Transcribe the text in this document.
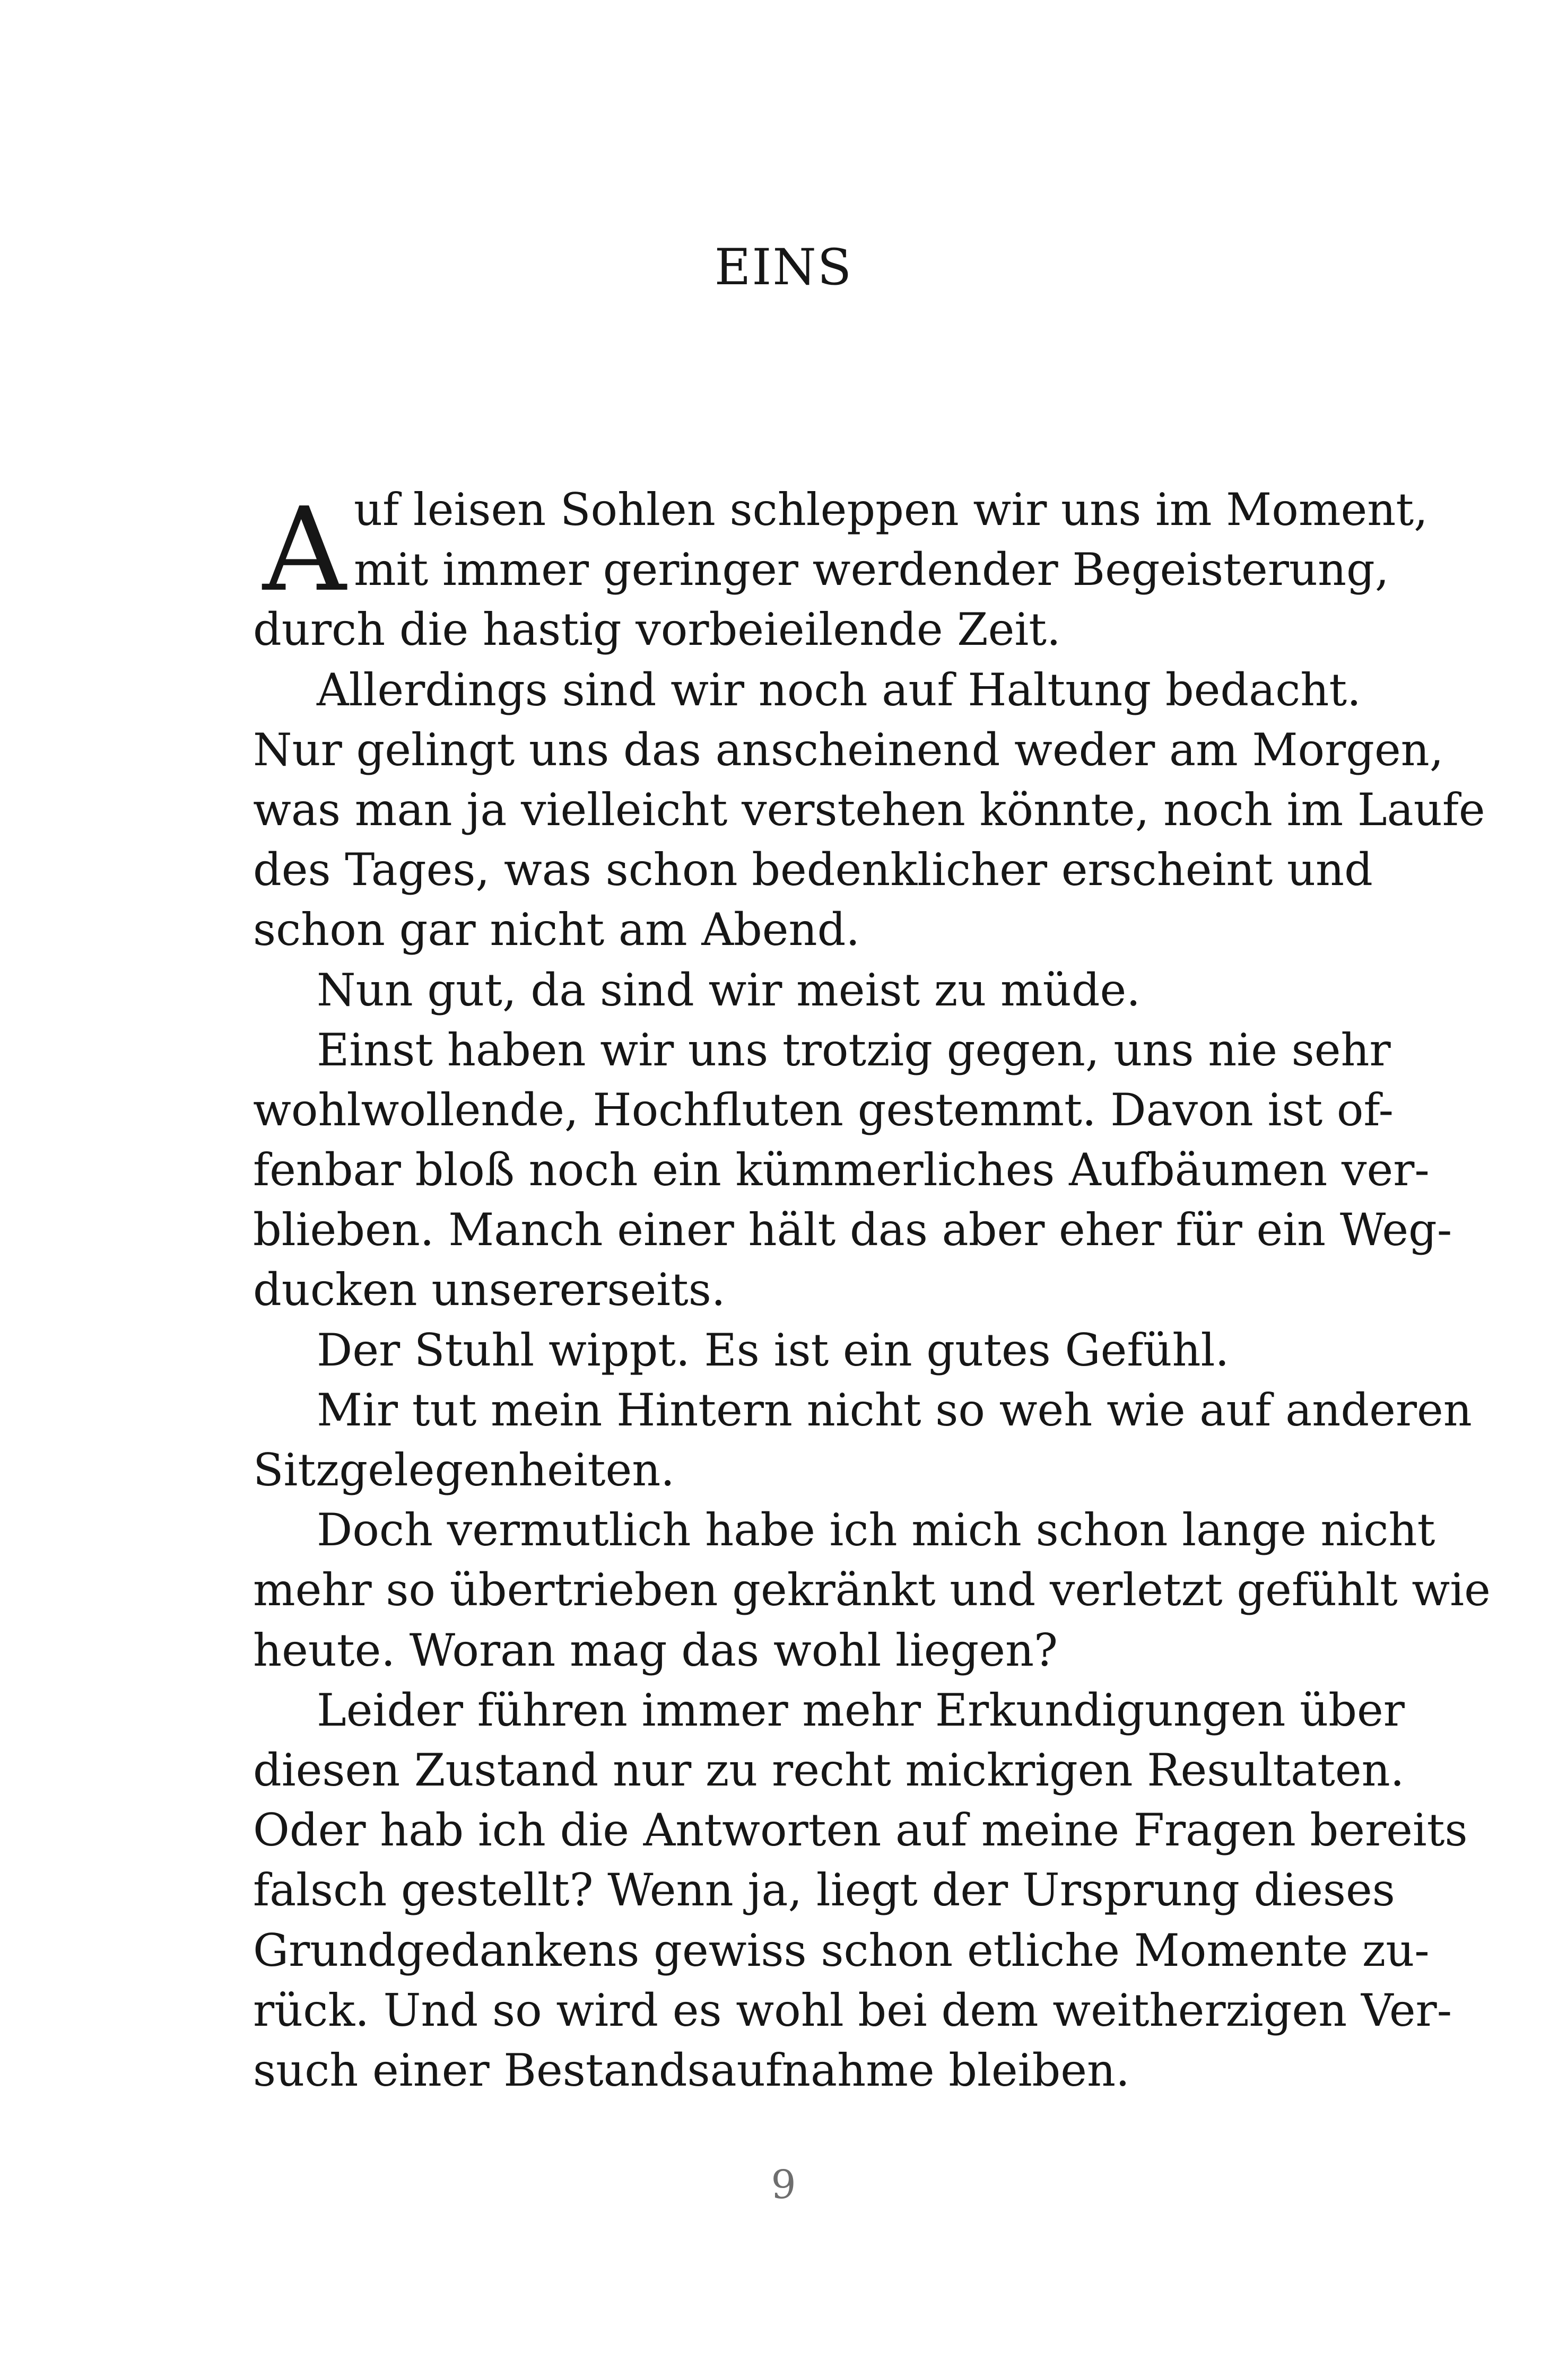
EINS
A uf leisen Sohlen schleppen wir uns im Moment,
mit immer geringer werdender Begeisterung,
durch die hastig vorbeieilende Zeit.
Allerdings sind wir noch auf Haltung bedacht.
Nur gelingt uns das anscheinend weder am Morgen,
was man ja vielleicht verstehen könnte, noch im Laufe
des Tages, was schon bedenklicher erscheint und
schon gar nicht am Abend.
Nun gut, da sind wir meist zu müde.
Einst haben wir uns trotzig gegen, uns nie sehr
wohlwollende, Hochfluten gestemmt. Davon ist of-
fenbar bloß noch ein kümmerliches Aufbäumen ver-
blieben. Manch einer hält das aber eher für ein Weg-
ducken unsererseits.
Der Stuhl wippt. Es ist ein gutes Gefühl.
Mir tut mein Hintern nicht so weh wie auf anderen
Sitzgelegenheiten.
Doch vermutlich habe ich mich schon lange nicht
mehr so übertrieben gekränkt und verletzt gefühlt wie
heute. Woran mag das wohl liegen?
Leider führen immer mehr Erkundigungen über
diesen Zustand nur zu recht mickrigen Resultaten.
Oder hab ich die Antworten auf meine Fragen bereits
falsch gestellt? Wenn ja, liegt der Ursprung dieses
Grundgedankens gewiss schon etliche Momente zu-
rück. Und so wird es wohl bei dem weitherzigen Ver-
such einer Bestandsaufnahme bleiben.
9
